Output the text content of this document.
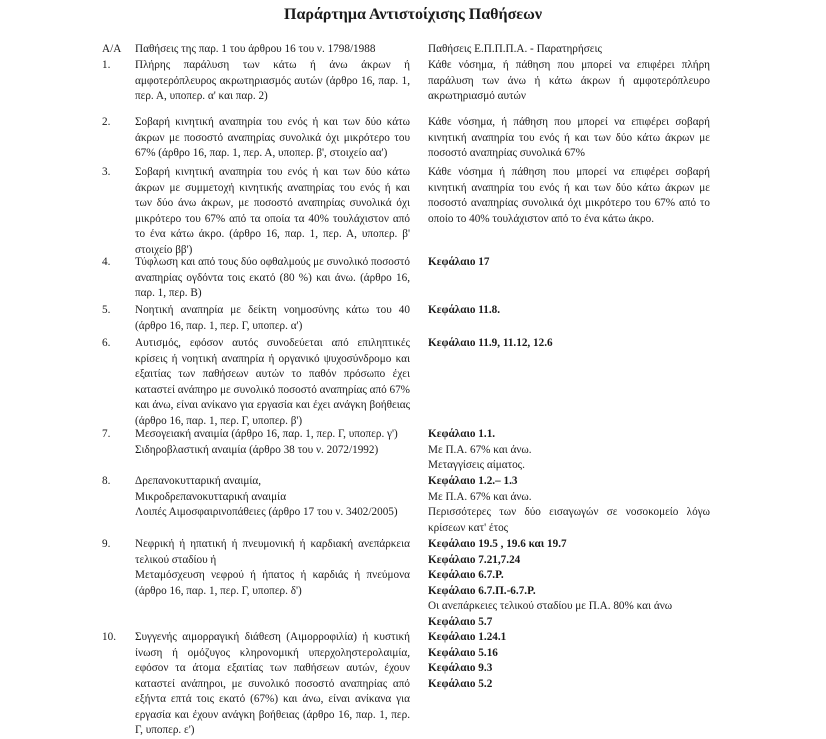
Παράρτημα Αντιστοίχισης Παθήσεων
Α/Α Παθήσεις της παρ. 1 του άρθρου 16 του ν. 1798/1988	Παθήσεις Ε.Π.Π.Π.Α. - Παρατηρήσεις
1. Πλήρης παράλυση των κάτω ή άνω άκρων ή αμφοτερόπλευρος ακρωτηριασμός αυτών (άρθρο 16, παρ. 1, περ. Α, υποπερ. α' και παρ. 2)

Κάθε νόσημα, ή πάθηση που μπορεί να επιφέρει πλήρη παράλυση των άνω ή κάτω άκρων ή αμφοτερόπλευρο ακρωτηριασμό αυτών

2. Σοβαρή κινητική αναπηρία του ενός ή και των δύο κάτω άκρων με ποσοστό αναπηρίας συνολικά όχι μικρότερο του 67% (άρθρο 16, παρ. 1, περ. Α, υποπερ. β', στοιχείο αα')

Κάθε νόσημα, ή πάθηση που μπορεί να επιφέρει σοβαρή κινητική αναπηρία του ενός ή και των δύο κάτω άκρων με ποσοστό αναπηρίας συνολικά 67%

3. Σοβαρή κινητική αναπηρία του ενός ή και των δύο κάτω άκρων με συμμετοχή κινητικής αναπηρίας του ενός ή και των δύο άνω άκρων, με ποσοστό αναπηρίας συνολικά όχι μικρότερο του 67% από τα οποία τα 40% τουλάχιστον από το ένα κάτω άκρο. (άρθρο 16, παρ. 1, περ. Α, υποπερ. β' στοιχείο ββ')

Κάθε νόσημα ή πάθηση που μπορεί να επιφέρει σοβαρή κινητική αναπηρία του ενός ή και των δύο κάτω άκρων με ποσοστό αναπηρίας συνολικά όχι μικρότερο του 67% από το οποίο το 40% τουλάχιστον από το ένα κάτω άκρο.

4. Τύφλωση και από τους δύο οφθαλμούς με συνολικό ποσοστό αναπηρίας ογδόντα τοις εκατό (80 %) και άνω. (άρθρο 16, παρ. 1, περ. Β)

Κεφάλαιο 17

5. Νοητική αναπηρία με δείκτη νοημοσύνης κάτω του 40 (άρθρο 16, παρ. 1, περ. Γ, υποπερ. α')

Κεφάλαιο 11.8.

6. Αυτισμός, εφόσον αυτός συνοδεύεται από επιληπτικές κρίσεις ή νοητική αναπηρία ή οργανικό ψυχοσύνδρομο και εξαιτίας των παθήσεων αυτών το παθόν πρόσωπο έχει καταστεί ανάπηρο με συνολικό ποσοστό αναπηρίας από 67% και άνω, είναι ανίκανο για εργασία και έχει ανάγκη βοήθειας (άρθρο 16, παρ. 1, περ. Γ, υποπερ. β')

Κεφάλαιο 11.9, 11.12, 12.6

7. Μεσογειακή αναιμία (άρθρο 16, παρ. 1, περ. Γ, υποπερ. γ')

Σιδηροβλαστική αναιμία (άρθρο 38 του ν. 2072/1992)

Κεφάλαιο 1.1.

Με Π.Α. 67% και άνω.

Μεταγγίσεις αίματος.

8. Δρεπανοκυτταρική αναιμία,

Μικροδρεπανοκυτταρική αναιμία

Λοιπές Αιμοσφαιρινοπάθειες (άρθρο 17 του ν. 3402/2005)

Κεφάλαιο 1.2.– 1.3

Με Π.Α. 67% και άνω.

Περισσότερες των δύο εισαγωγών σε νοσοκομείο λόγω κρίσεων κατ' έτος

9. Νεφρική ή ηπατική ή πνευμονική ή καρδιακή ανεπάρκεια τελικού σταδίου ή

Μεταμόσχευση νεφρού ή ήπατος ή καρδιάς ή πνεύμονα (άρθρο 16, παρ. 1, περ. Γ, υποπερ. δ')

Κεφάλαιο 19.5 , 19.6 και 19.7

Κεφάλαιο 7.21,7.24

Κεφάλαιο 6.7.Ρ.

Κεφάλαιο 6.7.Π.-6.7.Ρ.

Οι ανεπάρκειες τελικού σταδίου με Π.Α. 80% και άνω

Κεφάλαιο 5.7

10. Συγγενής αιμορραγική διάθεση (Αιμορροφιλία) ή κυστική ίνωση ή ομόζυγος κληρονομική υπερχοληστερολαιμία, εφόσον τα άτομα εξαιτίας των παθήσεων αυτών, έχουν καταστεί ανάπηροι, με συνολικό ποσοστό αναπηρίας από εξήντα επτά τοις εκατό (67%) και άνω, είναι ανίκανα για εργασία και έχουν ανάγκη βοήθειας (άρθρο 16, παρ. 1, περ. Γ, υποπερ. ε')

Κεφάλαιο 1.24.1

Κεφάλαιο 5.16

Κεφάλαιο 9.3

Κεφάλαιο 5.2
